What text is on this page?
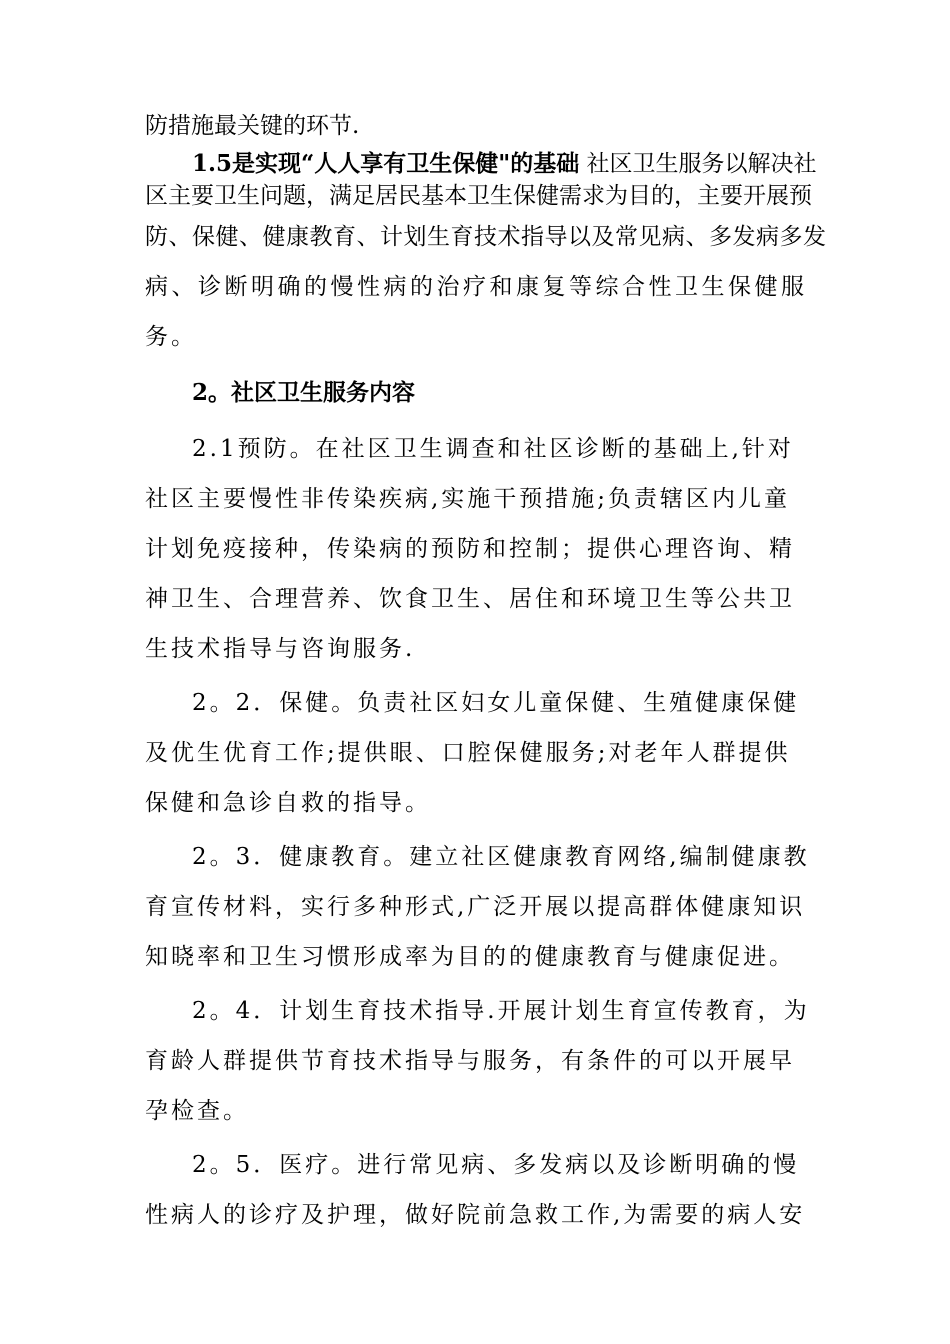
防措施最关键的环节.
1.5是实现“人人享有卫生保健"的基础 社区卫生服务以解决社
区主要卫生问题，满足居民基本卫生保健需求为目的，主要开展预
防、保健、健康教育、计划生育技术指导以及常见病、多发病多发
病、诊断明确的慢性病的治疗和康复等综合性卫生保健服
务。
2。社区卫生服务内容
2.1预防。在社区卫生调查和社区诊断的基础上,针对
社区主要慢性非传染疾病,实施干预措施;负责辖区内儿童
计划免疫接种，传染病的预防和控制；提供心理咨询、精
神卫生、合理营养、饮食卫生、居住和环境卫生等公共卫
生技术指导与咨询服务.
2。2．保健。负责社区妇女儿童保健、生殖健康保健
及优生优育工作;提供眼、口腔保健服务;对老年人群提供
保健和急诊自救的指导。
2。3．健康教育。建立社区健康教育网络,编制健康教
育宣传材料，实行多种形式,广泛开展以提高群体健康知识
知晓率和卫生习惯形成率为目的的健康教育与健康促进。
2。4．计划生育技术指导.开展计划生育宣传教育，为
育龄人群提供节育技术指导与服务，有条件的可以开展早
孕检查。
2。5．医疗。进行常见病、多发病以及诊断明确的慢
性病人的诊疗及护理，做好院前急救工作,为需要的病人安
